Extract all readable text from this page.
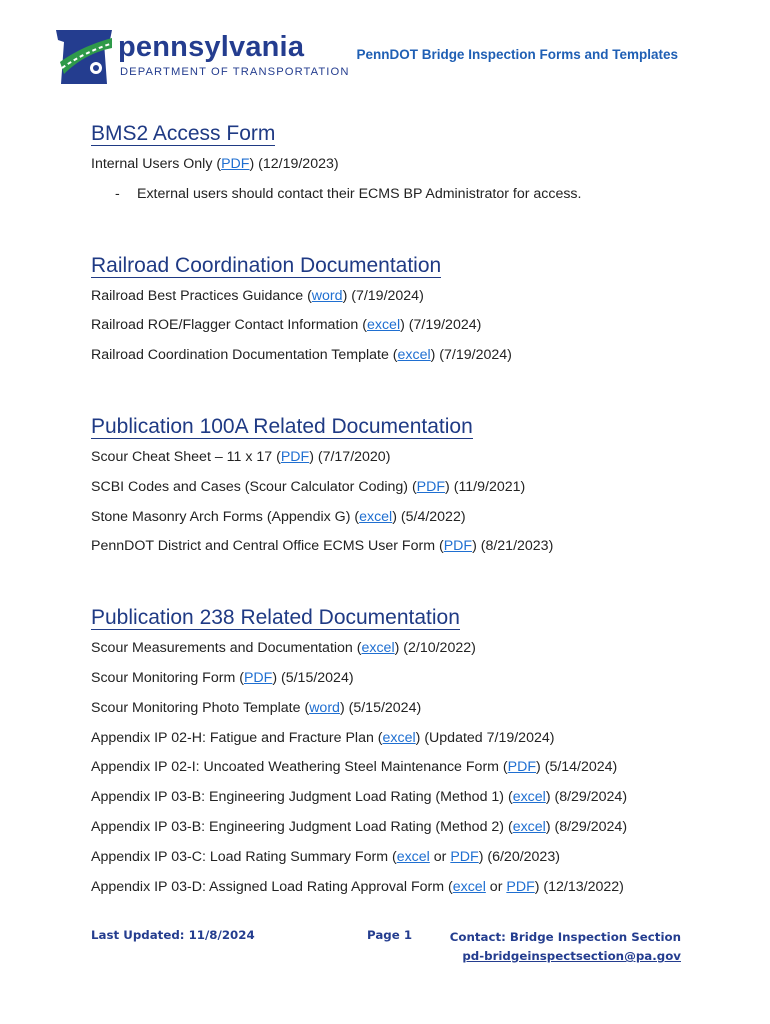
pennsylvania
DEPARTMENT OF TRANSPORTATION
PennDOT Bridge Inspection Forms and Templates
BMS2 Access Form
Internal Users Only (PDF) (12/19/2023)
- External users should contact their ECMS BP Administrator for access.
Railroad Coordination Documentation
Railroad Best Practices Guidance (word) (7/19/2024)
Railroad ROE/Flagger Contact Information (excel) (7/19/2024)
Railroad Coordination Documentation Template (excel) (7/19/2024)
Publication 100A Related Documentation
Scour Cheat Sheet – 11 x 17 (PDF) (7/17/2020)
SCBI Codes and Cases (Scour Calculator Coding) (PDF) (11/9/2021)
Stone Masonry Arch Forms (Appendix G) (excel) (5/4/2022)
PennDOT District and Central Office ECMS User Form (PDF) (8/21/2023)
Publication 238 Related Documentation
Scour Measurements and Documentation (excel) (2/10/2022)
Scour Monitoring Form (PDF) (5/15/2024)
Scour Monitoring Photo Template (word) (5/15/2024)
Appendix IP 02-H: Fatigue and Fracture Plan (excel) (Updated 7/19/2024)
Appendix IP 02-I: Uncoated Weathering Steel Maintenance Form (PDF) (5/14/2024)
Appendix IP 03-B: Engineering Judgment Load Rating (Method 1) (excel) (8/29/2024)
Appendix IP 03-B: Engineering Judgment Load Rating (Method 2) (excel) (8/29/2024)
Appendix IP 03-C: Load Rating Summary Form (excel or PDF) (6/20/2023)
Appendix IP 03-D: Assigned Load Rating Approval Form (excel or PDF) (12/13/2022)
Last Updated: 11/8/2024	Page 1	Contact: Bridge Inspection Section
pd-bridgeinspectsection@pa.gov
